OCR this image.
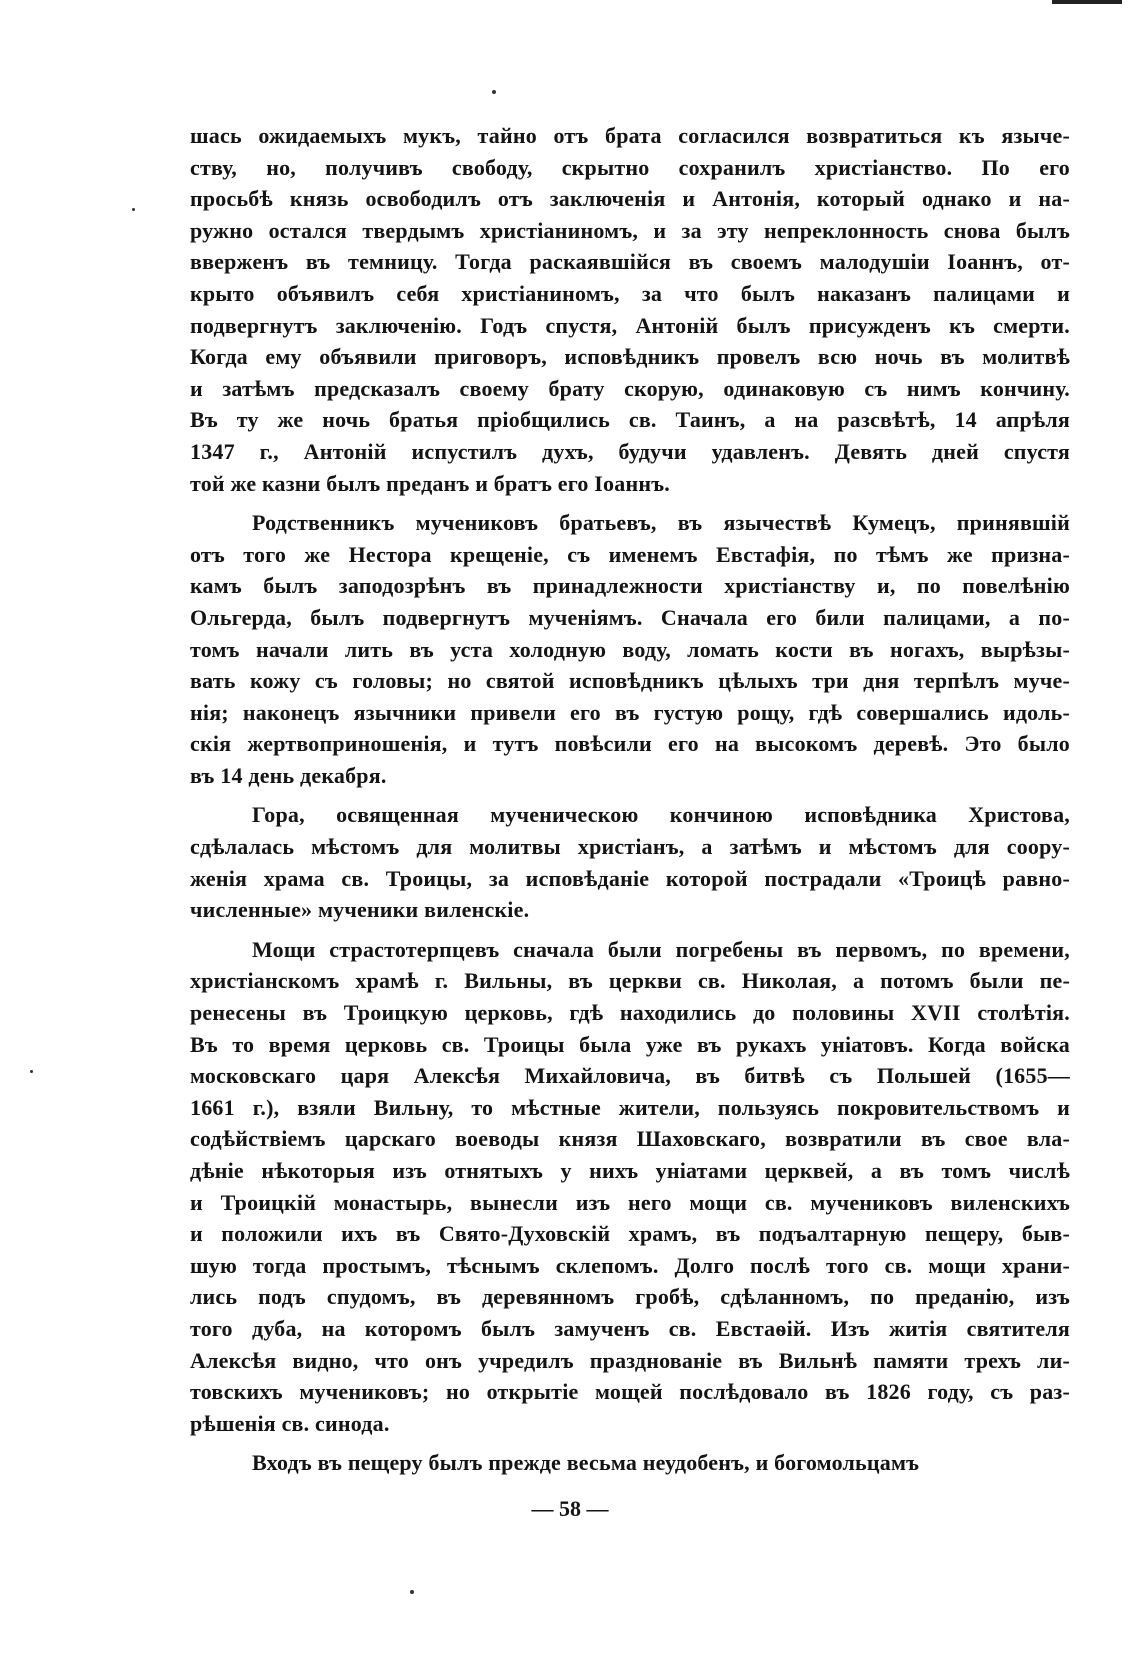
шась ожидаемыхъ мукъ, тайно отъ брата согласился возвратиться къ языче-
ству, но, получивъ свободу, скрытно сохранилъ христіанство. По его
просьбѣ князь освободилъ отъ заключенія и Антонія, который однако и на-
ружно остался твердымъ христіаниномъ, и за эту непреклонность снова былъ
вверженъ въ темницу. Тогда раскаявшійся въ своемъ малодушіи Іоаннъ, от-
крыто объявилъ себя христіаниномъ, за что былъ наказанъ палицами и
подвергнутъ заключенію. Годъ спустя, Антоній былъ присужденъ къ смерти.
Когда ему объявили приговоръ, исповѣдникъ провелъ всю ночь въ молитвѣ
и затѣмъ предсказалъ своему брату скорую, одинаковую съ нимъ кончину.
Въ ту же ночь братья пріобщились св. Таинъ, а на разсвѣтѣ, 14 апрѣля
1347 г., Антоній испустилъ духъ, будучи удавленъ. Девять дней спустя
той же казни былъ преданъ и братъ его Іоаннъ.
Родственникъ мучениковъ братьевъ, въ язычествѣ Кумецъ, принявшій
отъ того же Нестора крещеніе, съ именемъ Евстафія, по тѣмъ же призна-
камъ былъ заподозрѣнъ въ принадлежности христіанству и, по повелѣнію
Ольгерда, былъ подвергнутъ мученіямъ. Сначала его били палицами, а по-
томъ начали лить въ уста холодную воду, ломать кости въ ногахъ, вырѣзы-
вать кожу съ головы; но святой исповѣдникъ цѣлыхъ три дня терпѣлъ муче-
нія; наконецъ язычники привели его въ густую рощу, гдѣ совершались идоль-
скія жертвоприношенія, и тутъ повѣсили его на высокомъ деревѣ. Это было
въ 14 день декабря.
Гора, освященная мученическою кончиною исповѣдника Христова,
сдѣлалась мѣстомъ для молитвы христіанъ, а затѣмъ и мѣстомъ для соору-
женія храма св. Троицы, за исповѣданіе которой пострадали «Троицѣ равно-
численные» мученики виленскіе.
Мощи страстотерпцевъ сначала были погребены въ первомъ, по времени,
христіанскомъ храмѣ г. Вильны, въ церкви св. Николая, а потомъ были пе-
ренесены въ Троицкую церковь, гдѣ находились до половины XVII столѣтія.
Въ то время церковь св. Троицы была уже въ рукахъ уніатовъ. Когда войска
московскаго царя Алексѣя Михайловича, въ битвѣ съ Польшей (1655—
1661 г.), взяли Вильну, то мѣстные жители, пользуясь покровительствомъ и
содѣйствіемъ царскаго воеводы князя Шаховскаго, возвратили въ свое вла-
дѣніе нѣкоторыя изъ отнятыхъ у нихъ уніатами церквей, а въ томъ числѣ
и Троицкій монастырь, вынесли изъ него мощи св. мучениковъ виленскихъ
и положили ихъ въ Свято-Духовскій храмъ, въ подъалтарную пещеру, быв-
шую тогда простымъ, тѣснымъ склепомъ. Долго послѣ того св. мощи храни-
лись подъ спудомъ, въ деревянномъ гробѣ, сдѣланномъ, по преданію, изъ
того дуба, на которомъ былъ замученъ св. Евстаѳій. Изъ житія святителя
Алексѣя видно, что онъ учредилъ празднованіе въ Вильнѣ памяти трехъ ли-
товскихъ мучениковъ; но открытіе мощей послѣдовало въ 1826 году, съ раз-
рѣшенія св. синода.
Входъ въ пещеру былъ прежде весьма неудобенъ, и богомольцамъ
— 58 —
